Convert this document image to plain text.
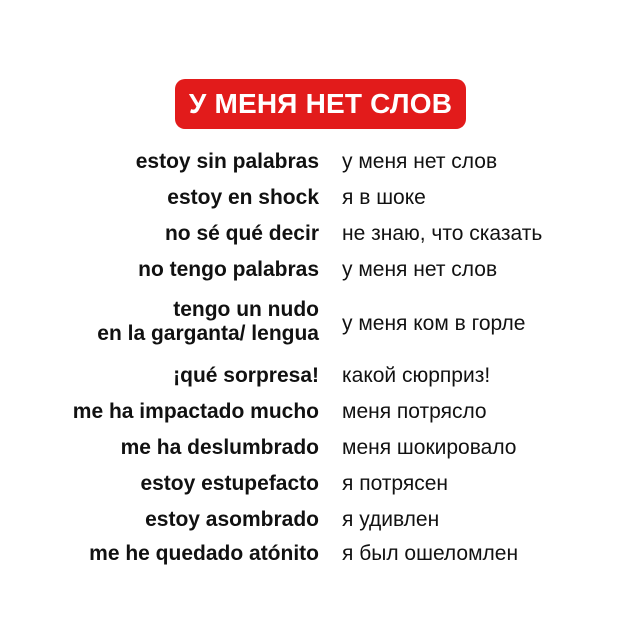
У МЕНЯ НЕТ СЛОВ
estoy sin palabras у меня нет слов
estoy en shock я в шоке
no sé qué decir не знаю, что сказать
no tengo palabras у меня нет слов
tengo un nudo
en la garganta/ lengua у меня ком в горле
¡qué sorpresa! какой сюрприз!
me ha impactado mucho меня потрясло
me ha deslumbrado меня шокировало
estoy estupefacto я потрясен
estoy asombrado я удивлен
me he quedado atónito я был ошеломлен
